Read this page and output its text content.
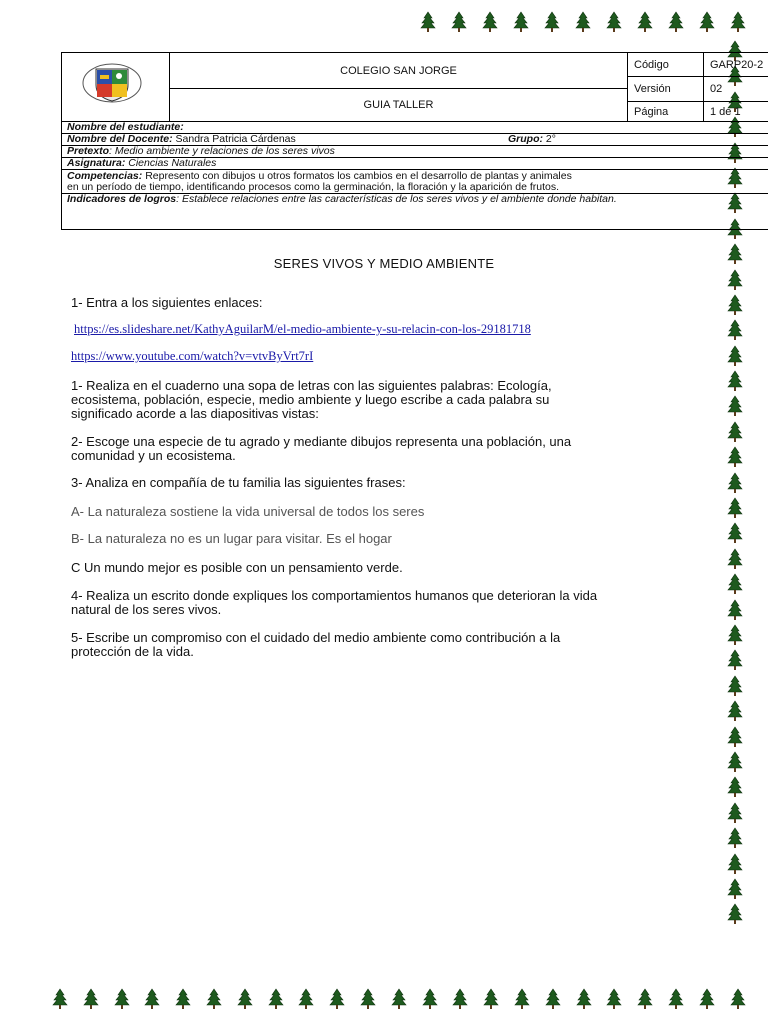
COLEGIO SAN JORGE
GUIA TALLER
Código	GARP20-2
Versión	02
Página	1 de 1
Nombre del estudiante:
Nombre del Docente: Sandra Patricia Cárdenas	Grupo: 2°
Pretexto: Medio ambiente y relaciones de los seres vivos
Asignatura: Ciencias Naturales
Competencias: Represento con dibujos u otros formatos los cambios en el desarrollo de plantas y animales
en un período de tiempo, identificando procesos como la germinación, la floración y la aparición de frutos.
Indicadores de logros: Establece relaciones entre las características de los seres vivos y el ambiente donde habitan.
SERES VIVOS Y MEDIO AMBIENTE
1- Entra a los siguientes enlaces:
https://es.slideshare.net/KathyAguilarM/el-medio-ambiente-y-su-relacin-con-los-29181718
https://www.youtube.com/watch?v=vtvByVrt7rI
1- Realiza en el cuaderno una sopa de letras con las siguientes palabras: Ecología,
ecosistema, población, especie, medio ambiente y luego escribe a cada palabra su
significado acorde a las diapositivas vistas:
2- Escoge una especie de tu agrado y mediante dibujos representa una población, una
comunidad y un ecosistema.
3- Analiza en compañía de tu familia las siguientes frases:
A- La naturaleza sostiene la vida universal de todos los seres
B- La naturaleza no es un lugar para visitar. Es el hogar
C Un mundo mejor es posible con un pensamiento verde.
4- Realiza un escrito donde expliques los comportamientos humanos que deterioran la vida
natural de los seres vivos.
5- Escribe un compromiso con el cuidado del medio ambiente como contribución a la
protección de la vida.
